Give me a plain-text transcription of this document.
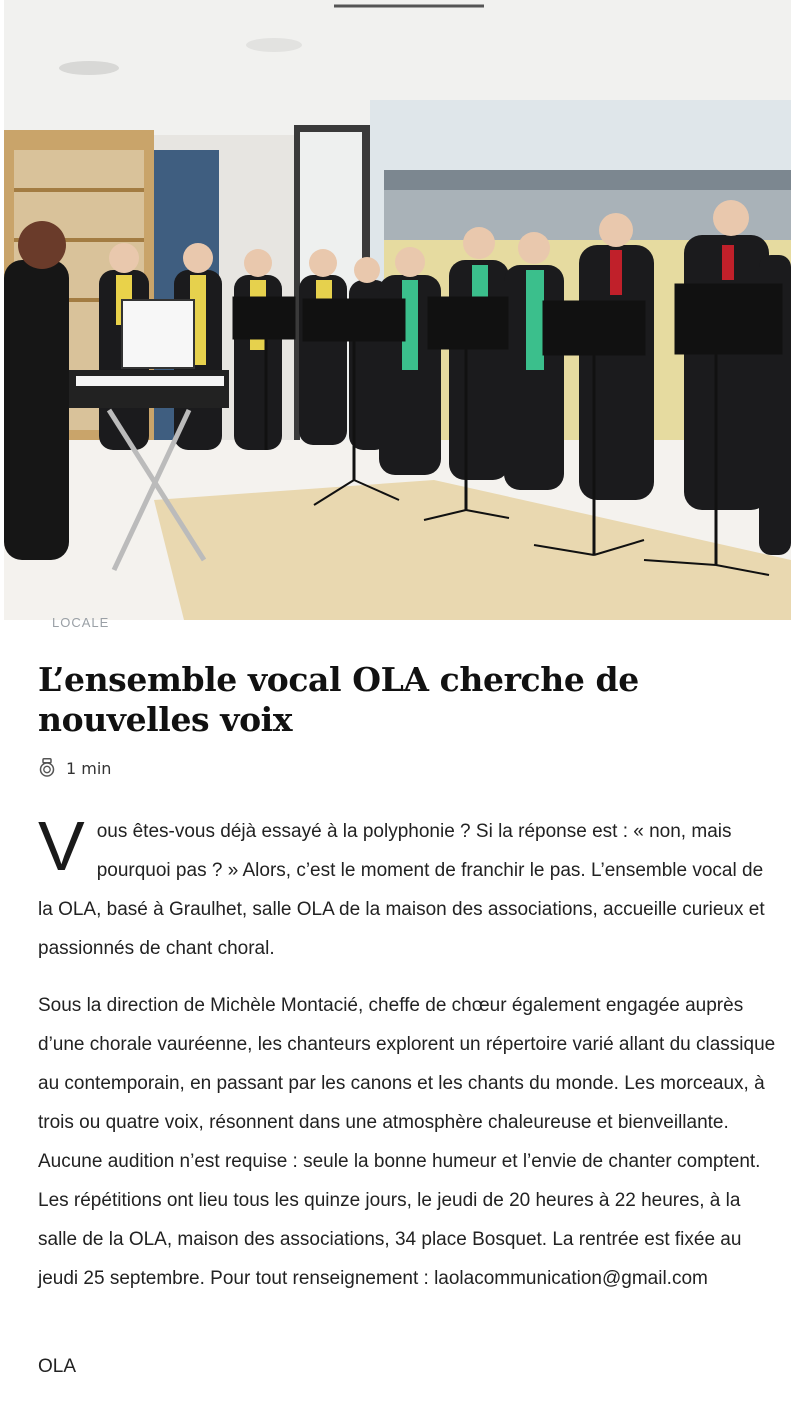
LOCALE
L’ensemble vocal OLA cherche de nouvelles voix
1 min

V ous êtes-vous déjà essayé à la polyphonie ? Si la réponse est : « non, mais pourquoi pas ? » Alors, c’est le moment de franchir le pas. L’ensemble vocal de la OLA, basé à Graulhet, salle OLA de la maison des associations, accueille curieux et passionnés de chant choral.

Sous la direction de Michèle Montacié, cheffe de chœur également engagée auprès d’une chorale vauréenne, les chanteurs explorent un répertoire varié allant du classique au contemporain, en passant par les canons et les chants du monde. Les morceaux, à trois ou quatre voix, résonnent dans une atmosphère chaleureuse et bienveillante. Aucune audition n’est requise : seule la bonne humeur et l’envie de chanter comptent. Les répétitions ont lieu tous les quinze jours, le jeudi de 20 heures à 22 heures, à la salle de la OLA, maison des associations, 34 place Bosquet. La rentrée est fixée au jeudi 25 septembre. Pour tout renseignement : laolacommunication@gmail.com

OLA
